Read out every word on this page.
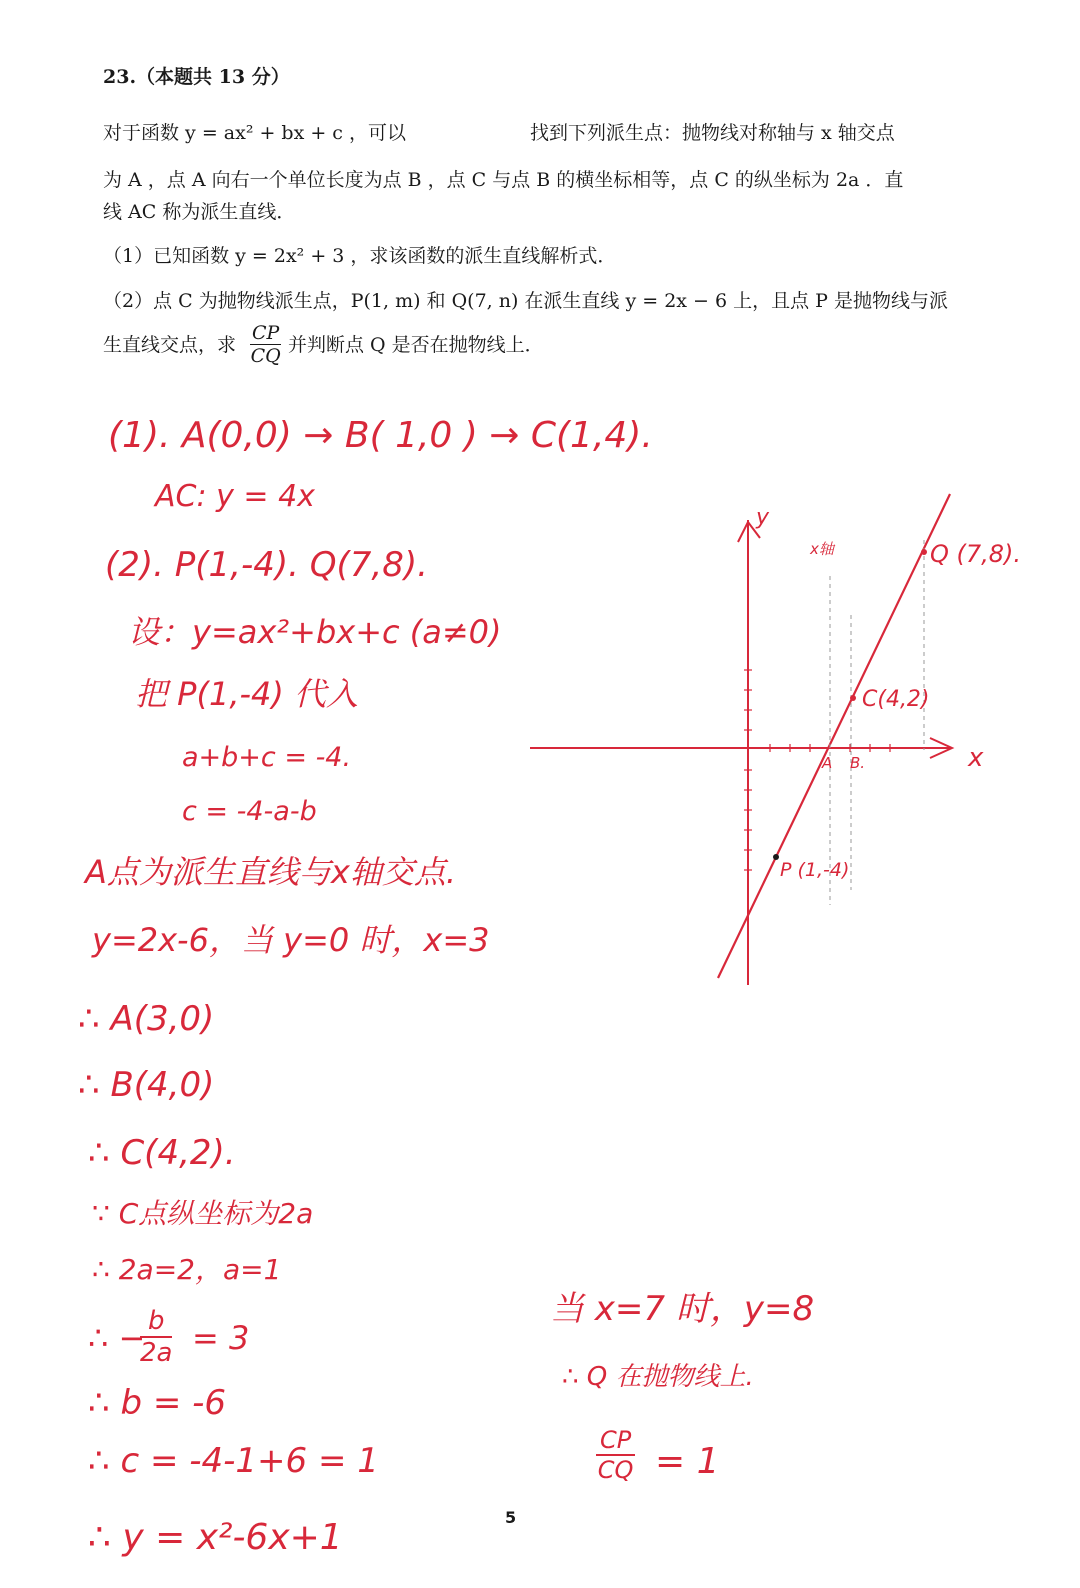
23.（本题共 13 分）
对于函数 y = ax² + bx + c ，可以	找到下列派生点：抛物线对称轴与 x 轴交点
为 A ，点 A 向右一个单位长度为点 B ，点 C 与点 B 的横坐标相等，点 C 的纵坐标为 2a ．直
线 AC 称为派生直线．
（1）已知函数 y = 2x² + 3 ，求该函数的派生直线解析式．
（2）点 C 为抛物线派生点，P(1, m) 和 Q(7, n) 在派生直线 y = 2x − 6 上，且点 P 是抛物线与派
生直线交点，求 $\frac{CP}{CQ}$ 并判断点 Q 是否在抛物线上．
(1). A(0,0) → B( 1,0 ) → C(1,4).
AC: y = 4x
(2). P(1,-4). Q(7,8).
设：y=ax²+bx+c (a≠0)
把 P(1,-4) 代入
a+b+c = -4.
c = -4-a-b
A点为派生直线与x轴交点.
y=2x-6，当 y=0 时，x=3
∴ A(3,0)
∴ B(4,0)
∴ C(4,2).
∵ C点纵坐标为2a
∴ 2a=2，a=1
∴ −
$\frac{b}{2a} = 3$
∴ b = -6
∴ c = -4-1+6 = 1
∴ y = x²-6x+1
当 x=7 时，y=8
∴ Q 在抛物线上.
$\frac{CP}{CQ} = 1$
y
x
x轴	Q (7,8).
C(4,2)
A B.
P (1,-4)
5
